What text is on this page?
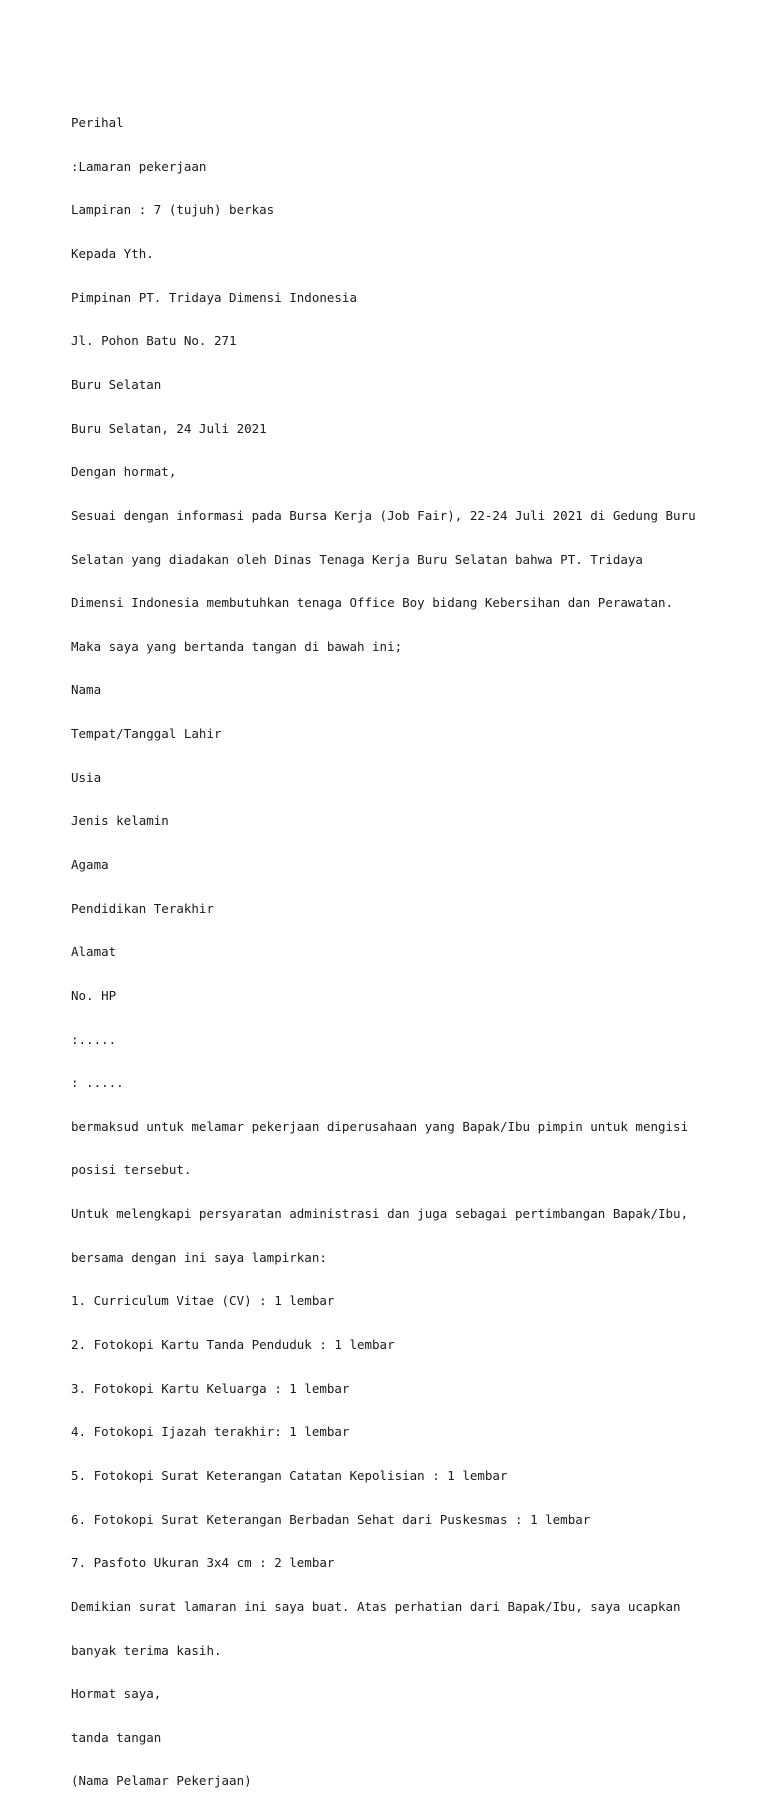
Perihal

:Lamaran pekerjaan

Lampiran : 7 (tujuh) berkas

Kepada Yth.

Pimpinan PT. Tridaya Dimensi Indonesia

Jl. Pohon Batu No. 271

Buru Selatan

Buru Selatan, 24 Juli 2021

Dengan hormat,

Sesuai dengan informasi pada Bursa Kerja (Job Fair), 22-24 Juli 2021 di Gedung Buru

Selatan yang diadakan oleh Dinas Tenaga Kerja Buru Selatan bahwa PT. Tridaya

Dimensi Indonesia membutuhkan tenaga Office Boy bidang Kebersihan dan Perawatan.

Maka saya yang bertanda tangan di bawah ini;

Nama

Tempat/Tanggal Lahir

Usia

Jenis kelamin

Agama

Pendidikan Terakhir

Alamat

No. HP

:.....

: .....

bermaksud untuk melamar pekerjaan diperusahaan yang Bapak/Ibu pimpin untuk mengisi

posisi tersebut.

Untuk melengkapi persyaratan administrasi dan juga sebagai pertimbangan Bapak/Ibu,

bersama dengan ini saya lampirkan:

1. Curriculum Vitae (CV) : 1 lembar

2. Fotokopi Kartu Tanda Penduduk : 1 lembar

3. Fotokopi Kartu Keluarga : 1 lembar

4. Fotokopi Ijazah terakhir: 1 lembar

5. Fotokopi Surat Keterangan Catatan Kepolisian : 1 lembar

6. Fotokopi Surat Keterangan Berbadan Sehat dari Puskesmas : 1 lembar

7. Pasfoto Ukuran 3x4 cm : 2 lembar

Demikian surat lamaran ini saya buat. Atas perhatian dari Bapak/Ibu, saya ucapkan

banyak terima kasih.

Hormat saya,

tanda tangan

(Nama Pelamar Pekerjaan)
